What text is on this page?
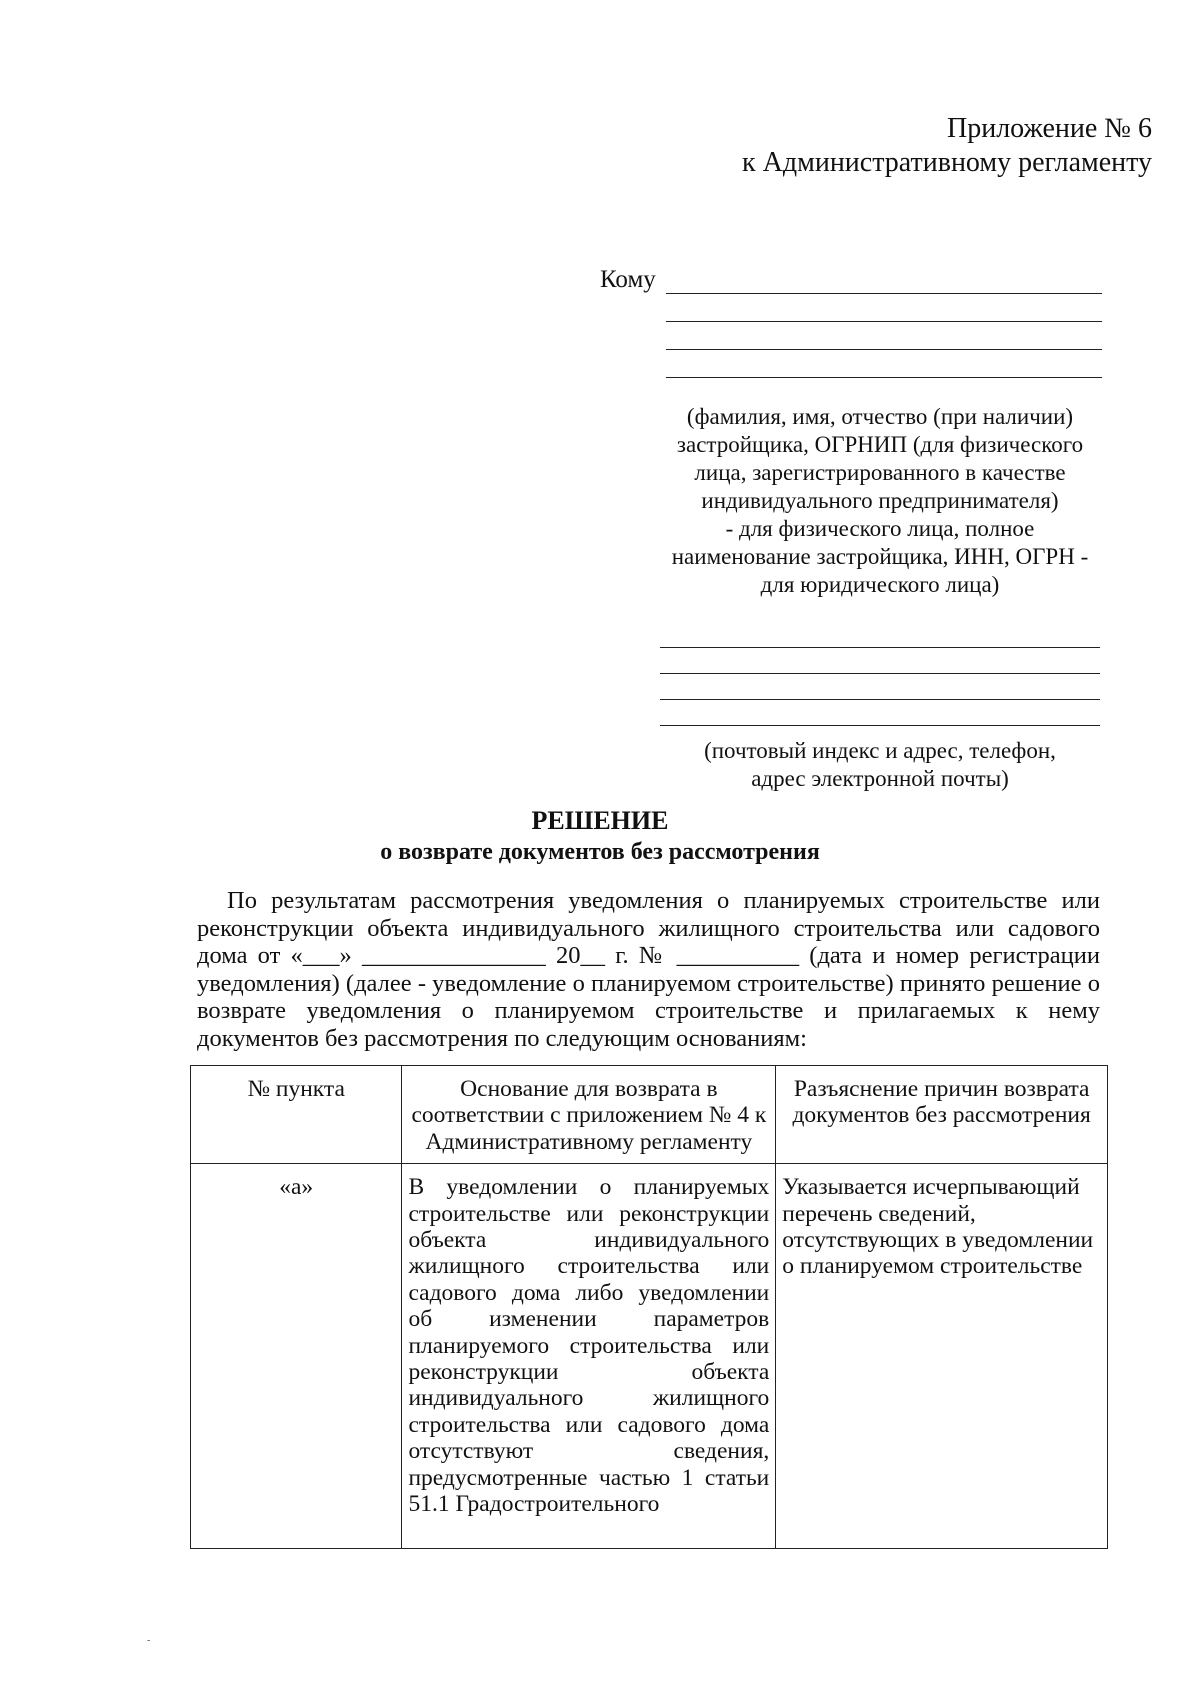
Приложение № 6
к Административному регламенту
Кому
(фамилия, имя, отчество (при наличии)
застройщика, ОГРНИП (для физического
лица, зарегистрированного в качестве
индивидуального предпринимателя)
- для физического лица, полное
наименование застройщика, ИНН, ОГРН -
для юридического лица)
(почтовый индекс и адрес, телефон,
адрес электронной почты)
РЕШЕНИЕ
о возврате документов без рассмотрения

По результатам рассмотрения уведомления о планируемых строительстве или реконструкции объекта индивидуального жилищного строительства или садового дома от «___» _______________ 20__ г. № __________ (дата и номер регистрации уведомления) (далее - уведомление о планируемом строительстве) принято решение о возврате уведомления о планируемом строительстве и прилагаемых к нему документов без рассмотрения по следующим основаниям:

№ пункта	Основание для возврата в соответствии с приложением № 4 к Административному регламенту	Разъяснение причин возврата документов без рассмотрения
«а»	В уведомлении о планируемых строительстве или реконструкции объекта индивидуального жилищного строительства или садового дома либо уведомлении об изменении параметров планируемого строительства или реконструкции объекта индивидуального жилищного строительства или садового дома отсутствуют сведения, предусмотренные частью 1 статьи 51.1 Градостроительного	Указывается исчерпывающий перечень сведений, отсутствующих в уведомлении о планируемом строительстве
-
